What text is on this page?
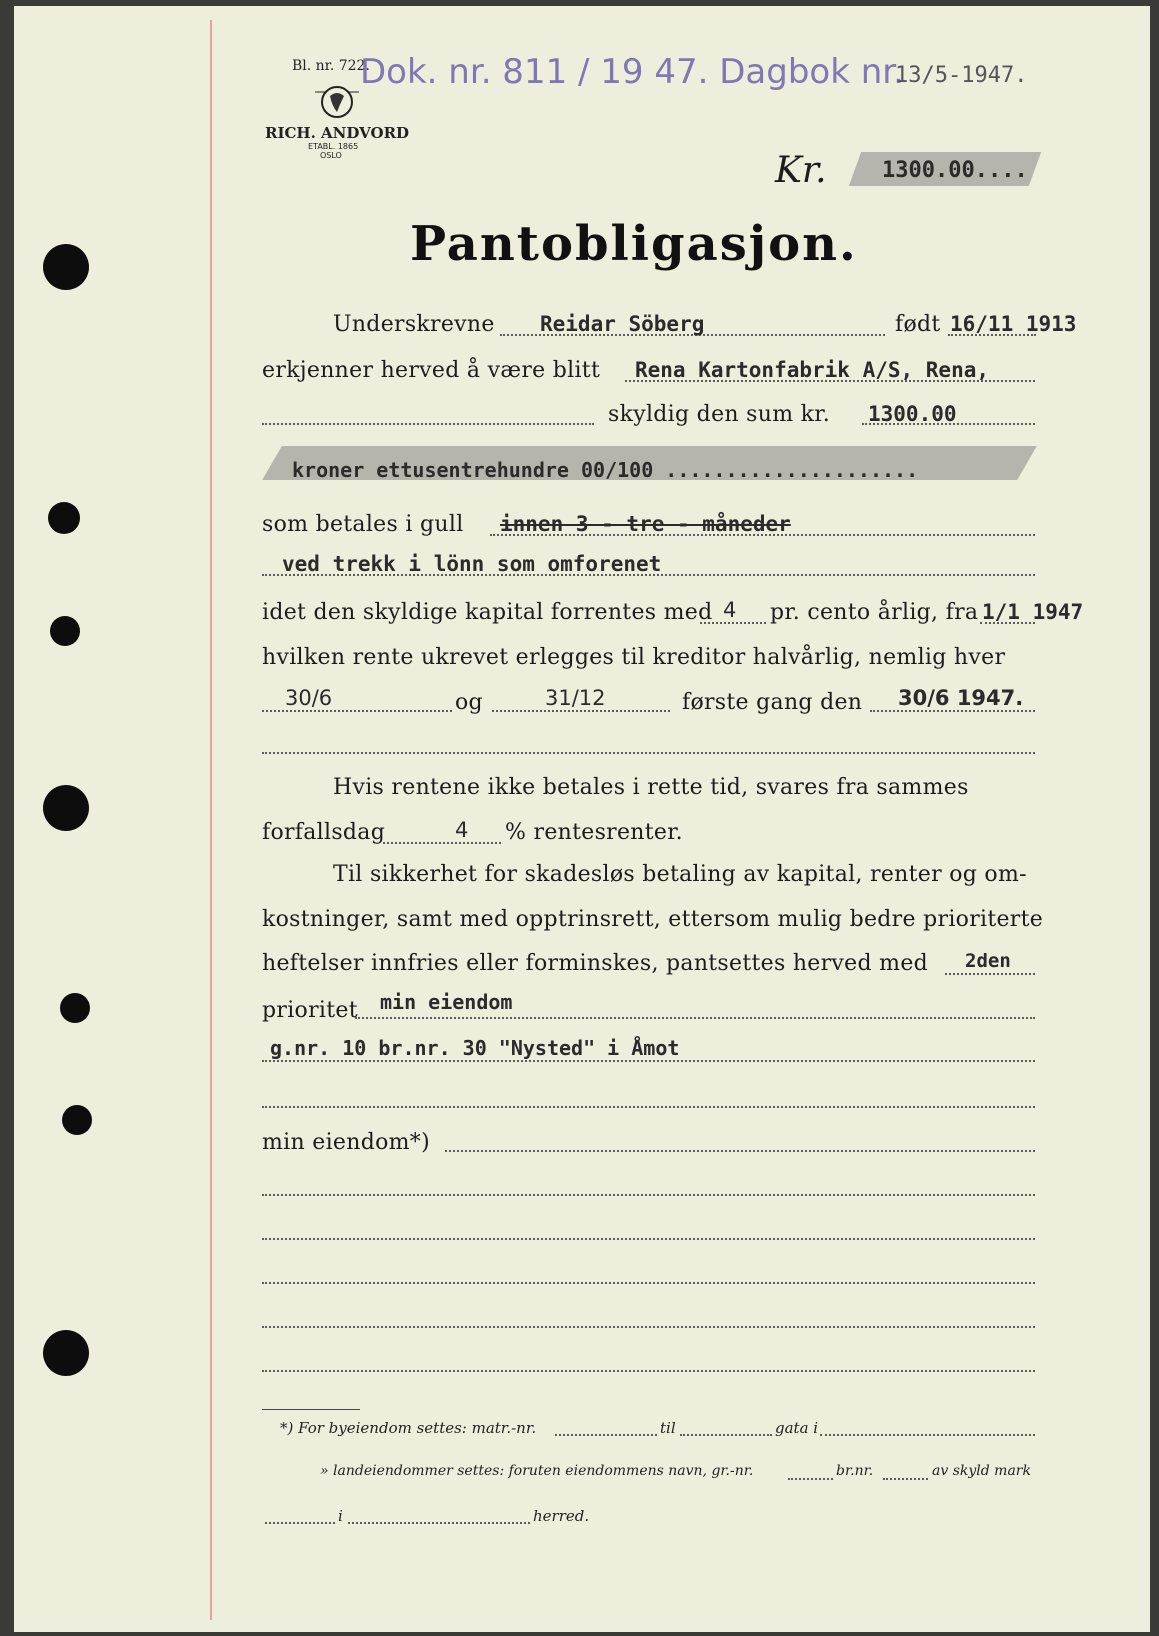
Bl. nr. 722.
RICH. ANDVORD
ETABL. 1865
OSLO
Dok. nr. 811 / 19 47. Dagbok nr.
13/5-1947.
Kr.	1300.00....
Pantobligasjon.
Underskrevne Reidar Söberg	født 16/11 1913
erkjenner herved å være blitt Rena Kartonfabrik A/S, Rena,
skyldig den sum kr. 1300.00
kroner ettusentrehundre 00/100 .....................
som betales i gull innen 3 - tre - måneder
ved trekk i lönn som omforenet
idet den skyldige kapital forrentes med 4 pr. cento årlig, fra 1/1 1947
hvilken rente ukrevet erlegges til kreditor halvårlig, nemlig hver
30/6	og	31/12	første gang den 30/6 1947.
Hvis rentene ikke betales i rette tid, svares fra sammes
forfallsdag	4 % rentesrenter.
Til sikkerhet for skadesløs betaling av kapital, renter og om-
kostninger, samt med opptrinsrett, ettersom mulig bedre prioriterte
heftelser innfries eller forminskes, pantsettes herved med 2den
prioritet min eiendom
g.nr. 10 br.nr. 30 "Nysted" i Åmot
min eiendom*)
*) For byeiendom settes: matr.-nr.	til	gata i
» landeiendommer settes: foruten eiendommens navn, gr.-nr.	br.nr.	av skyld mark
i	herred.
